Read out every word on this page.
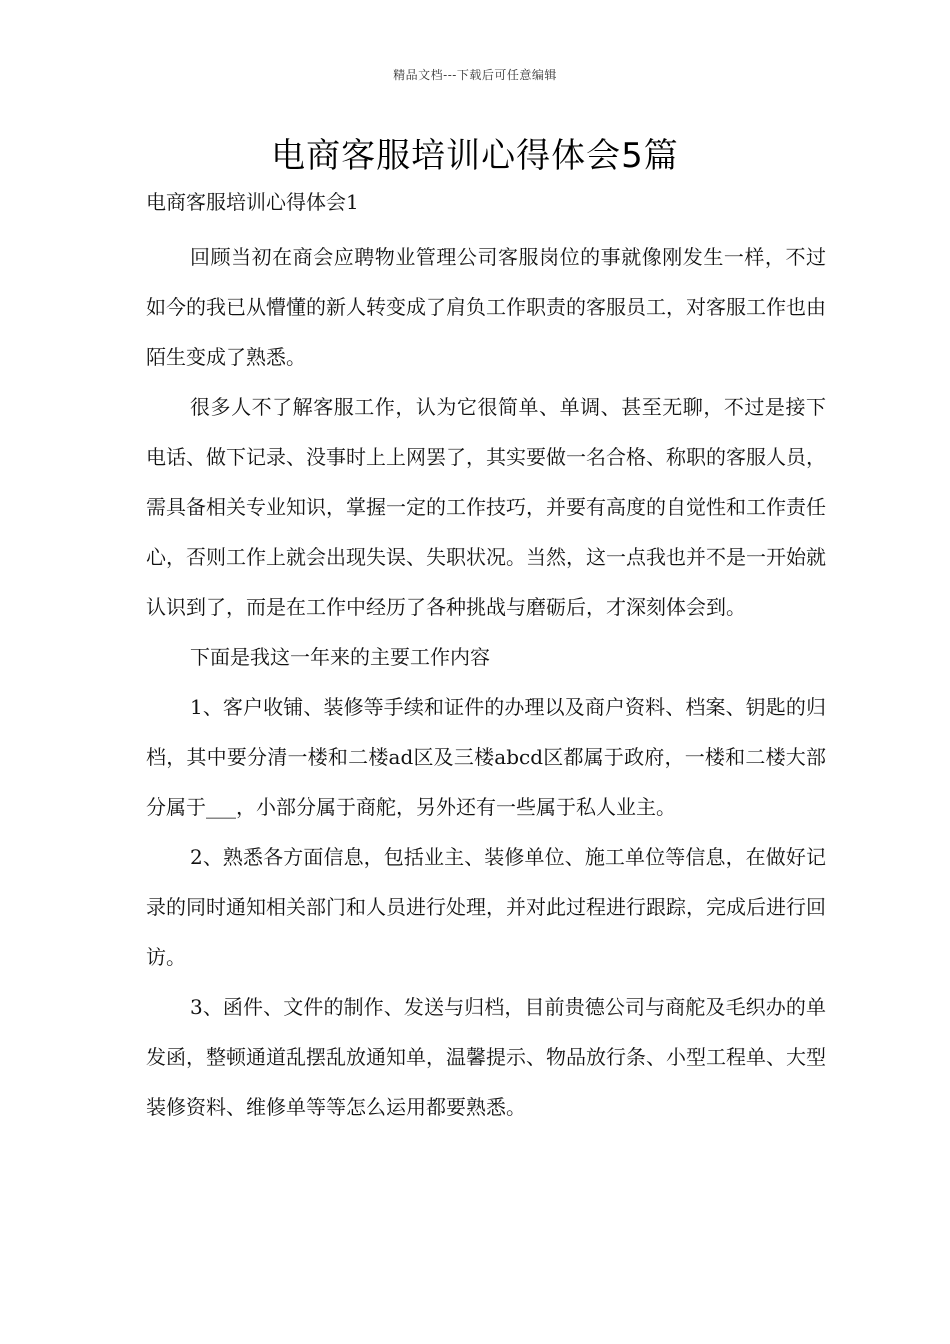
精品文档---下载后可任意编辑
电商客服培训心得体会5篇

电商客服培训心得体会1

回顾当初在商会应聘物业管理公司客服岗位的事就像刚发生一样，不过如今的我已从懵懂的新人转变成了肩负工作职责的客服员工，对客服工作也由陌生变成了熟悉。

很多人不了解客服工作，认为它很简单、单调、甚至无聊，不过是接下电话、做下记录、没事时上上网罢了，其实要做一名合格、称职的客服人员，需具备相关专业知识，掌握一定的工作技巧，并要有高度的自觉性和工作责任心，否则工作上就会出现失误、失职状况。当然，这一点我也并不是一开始就认识到了，而是在工作中经历了各种挑战与磨砺后，才深刻体会到。

下面是我这一年来的主要工作内容

1、客户收铺、装修等手续和证件的办理以及商户资料、档案、钥匙的归档，其中要分清一楼和二楼ad区及三楼abcd区都属于政府，一楼和二楼大部分属于___，小部分属于商舵，另外还有一些属于私人业主。

2、熟悉各方面信息，包括业主、装修单位、施工单位等信息，在做好记录的同时通知相关部门和人员进行处理，并对此过程进行跟踪，完成后进行回访。

3、函件、文件的制作、发送与归档，目前贵德公司与商舵及毛织办的单发函，整顿通道乱摆乱放通知单，温馨提示、物品放行条、小型工程单、大型装修资料、维修单等等怎么运用都要熟悉。
